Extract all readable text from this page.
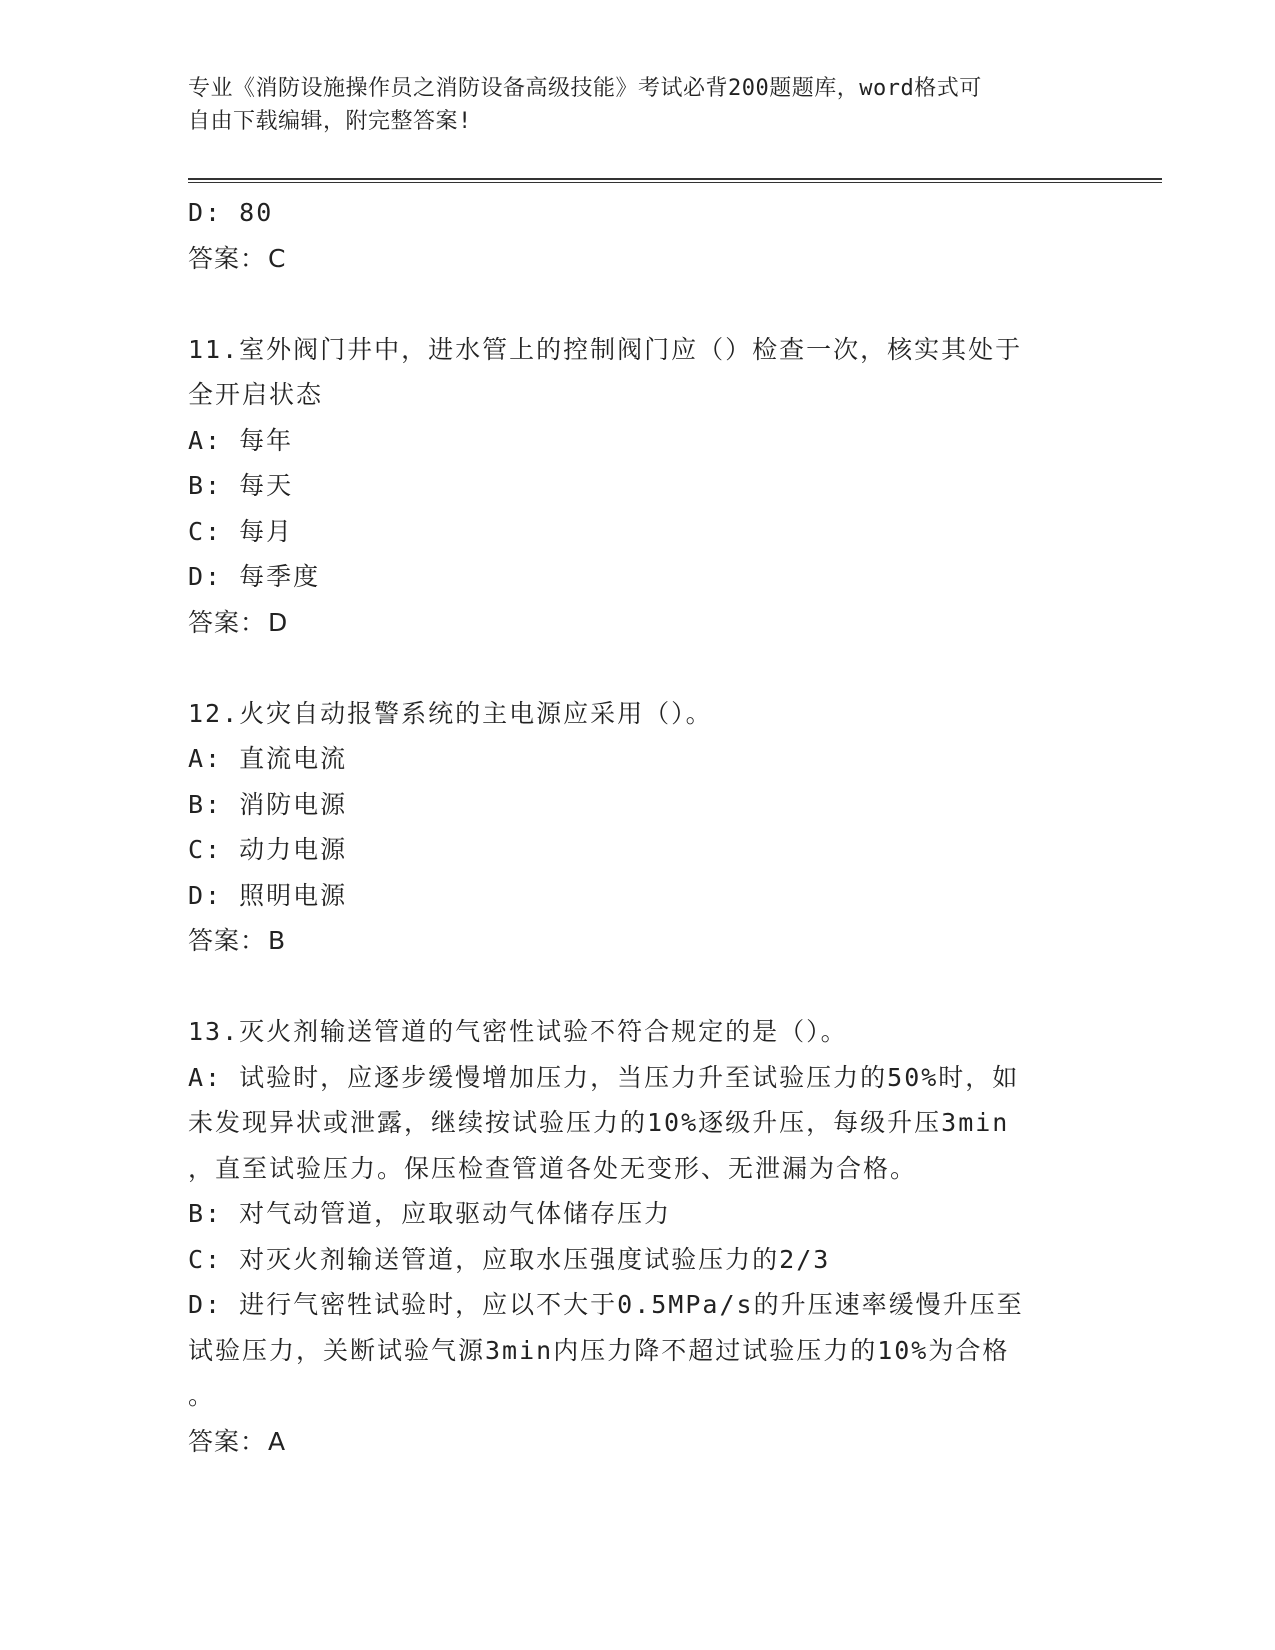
专业《消防设施操作员之消防设备高级技能》考试必背200题题库，word格式可
自由下载编辑，附完整答案!
D: 80
答案：C
11.室外阀门井中，进水管上的控制阀门应（）检查一次，核实其处于
全开启状态
A: 每年
B: 每天
C: 每月
D: 每季度
答案：D
12.火灾自动报警系统的主电源应采用（）。
A: 直流电流
B: 消防电源
C: 动力电源
D: 照明电源
答案：B
13.灭火剂输送管道的气密性试验不符合规定的是（）。
A: 试验时，应逐步缓慢增加压力，当压力升至试验压力的50%时，如
未发现异状或泄露，继续按试验压力的10%逐级升压，每级升压3min
，直至试验压力。保压检查管道各处无变形、无泄漏为合格。
B: 对气动管道，应取驱动气体储存压力
C: 对灭火剂输送管道，应取水压强度试验压力的2/3
D: 进行气密牲试验时，应以不大于0.5MPa/s的升压速率缓慢升压至
试验压力，关断试验气源3min内压力降不超过试验压力的10%为合格
。
答案：A
